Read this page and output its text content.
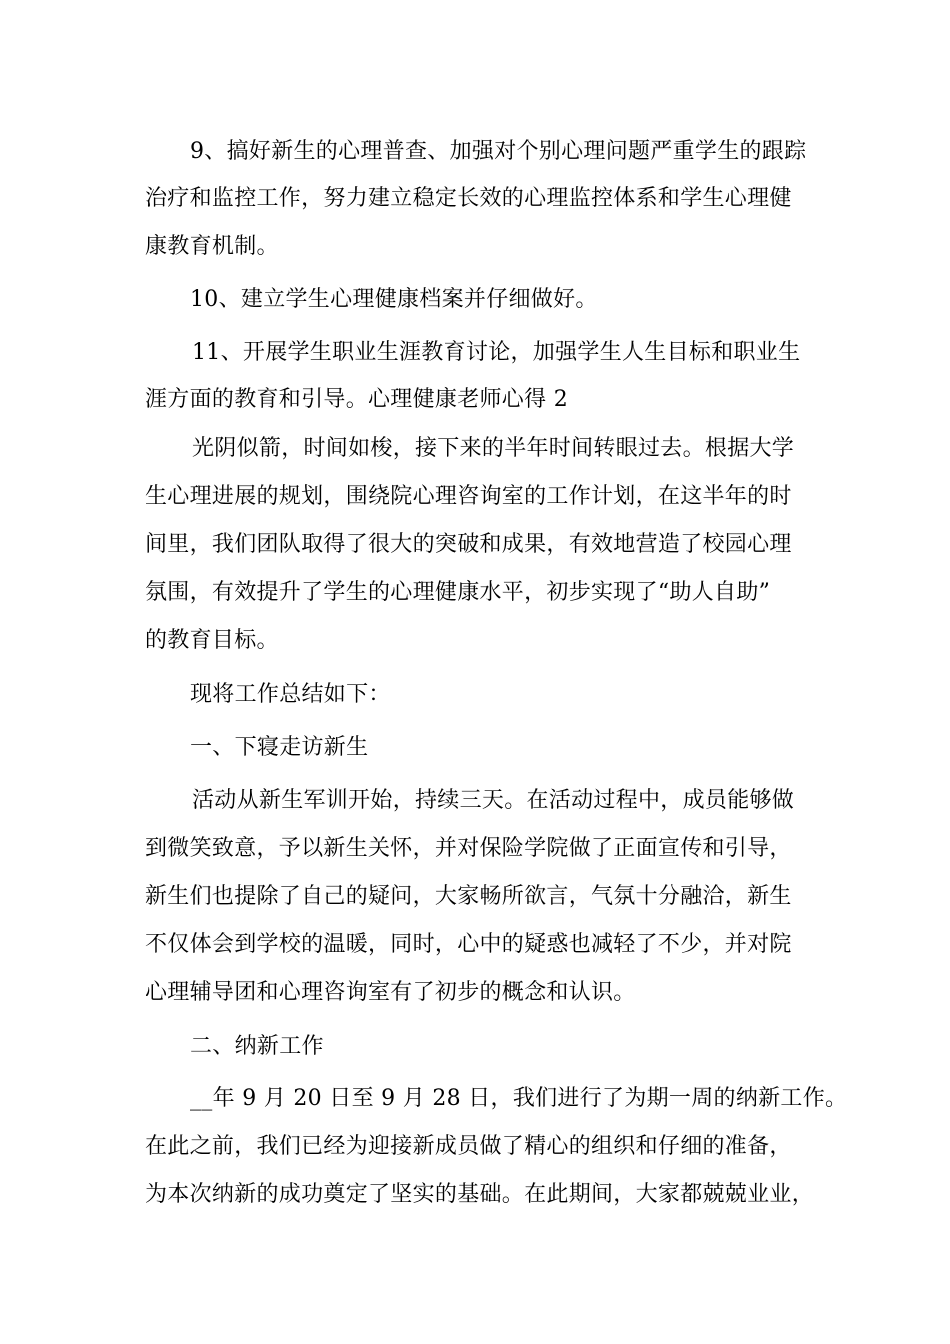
9、搞好新生的心理普查、加强对个别心理问题严重学生的跟踪
治疗和监控工作，努力建立稳定长效的心理监控体系和学生心理健
康教育机制。
10、建立学生心理健康档案并仔细做好。
11、开展学生职业生涯教育讨论，加强学生人生目标和职业生
涯方面的教育和引导。心理健康老师心得 2
光阴似箭，时间如梭，接下来的半年时间转眼过去。根据大学
生心理进展的规划，围绕院心理咨询室的工作计划，在这半年的时
间里，我们团队取得了很大的突破和成果，有效地营造了校园心理
氛围，有效提升了学生的心理健康水平，初步实现了“助人自助”
的教育目标。
现将工作总结如下：
一、下寝走访新生
活动从新生军训开始，持续三天。在活动过程中，成员能够做
到微笑致意，予以新生关怀，并对保险学院做了正面宣传和引导，
新生们也提除了自己的疑问，大家畅所欲言，气氛十分融洽，新生
不仅体会到学校的温暖，同时，心中的疑惑也减轻了不少，并对院
心理辅导团和心理咨询室有了初步的概念和认识。
二、纳新工作
__年 9 月 20 日至 9 月 28 日，我们进行了为期一周的纳新工作。
在此之前，我们已经为迎接新成员做了精心的组织和仔细的准备，
为本次纳新的成功奠定了坚实的基础。在此期间，大家都兢兢业业，
